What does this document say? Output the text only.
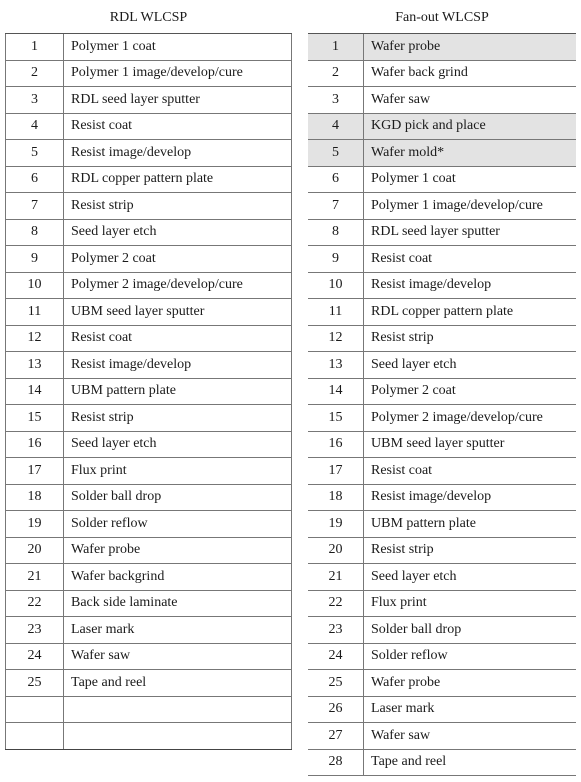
RDL WLCSP
1	Polymer 1 coat
2	Polymer 1 image/develop/cure
3	RDL seed layer sputter
4	Resist coat
5	Resist image/develop
6	RDL copper pattern plate
7	Resist strip
8	Seed layer etch
9	Polymer 2 coat
10	Polymer 2 image/develop/cure
11	UBM seed layer sputter
12	Resist coat
13	Resist image/develop
14	UBM pattern plate
15	Resist strip
16	Seed layer etch
17	Flux print
18	Solder ball drop
19	Solder reflow
20	Wafer probe
21	Wafer backgrind
22	Back side laminate
23	Laser mark
24	Wafer saw
25	Tape and reel

Fan-out WLCSP
1	Wafer probe
2	Wafer back grind
3	Wafer saw
4	KGD pick and place
5	Wafer mold*
6	Polymer 1 coat
7	Polymer 1 image/develop/cure
8	RDL seed layer sputter
9	Resist coat
10	Resist image/develop
11	RDL copper pattern plate
12	Resist strip
13	Seed layer etch
14	Polymer 2 coat
15	Polymer 2 image/develop/cure
16	UBM seed layer sputter
17	Resist coat
18	Resist image/develop
19	UBM pattern plate
20	Resist strip
21	Seed layer etch
22	Flux print
23	Solder ball drop
24	Solder reflow
25	Wafer probe
26	Laser mark
27	Wafer saw
28	Tape and reel
